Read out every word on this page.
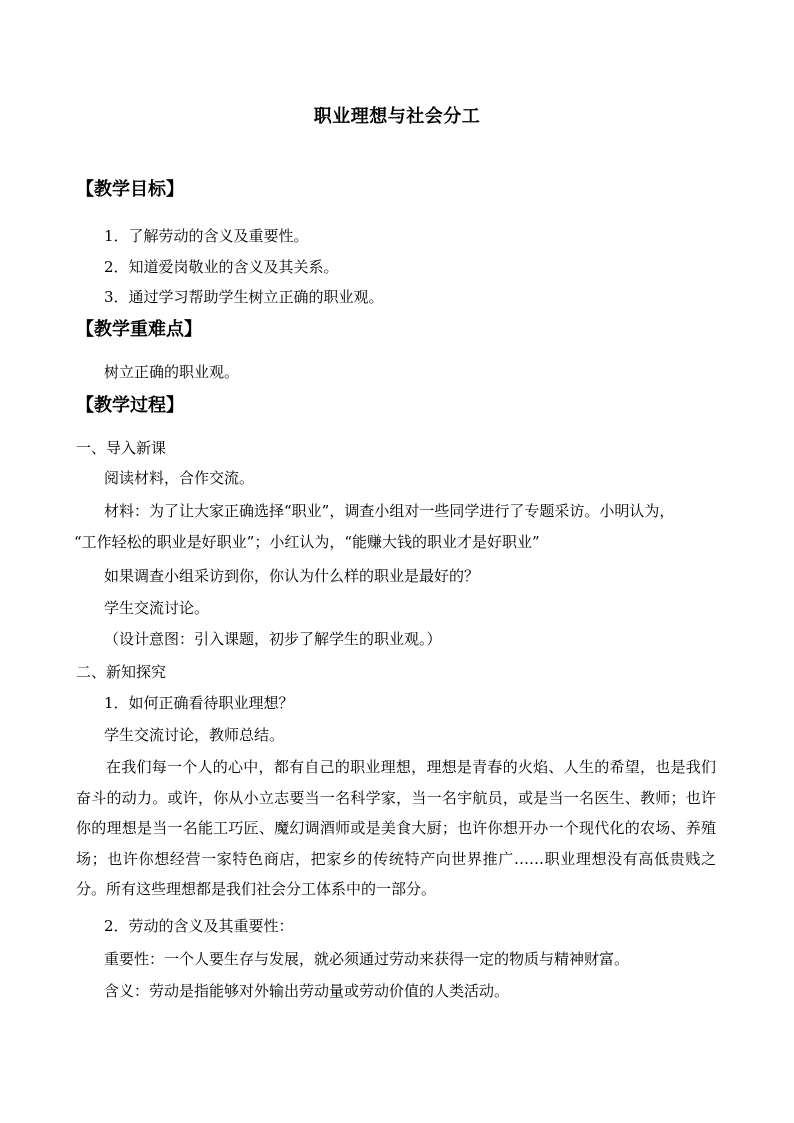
职业理想与社会分工
【教学目标】
1．了解劳动的含义及重要性。
2．知道爱岗敬业的含义及其关系。
3．通过学习帮助学生树立正确的职业观。
【教学重难点】
树立正确的职业观。
【教学过程】
一、导入新课
阅读材料，合作交流。
材料：为了让大家正确选择“职业”，调查小组对一些同学进行了专题采访。小明认为，
“工作轻松的职业是好职业”；小红认为，“能赚大钱的职业才是好职业”
如果调查小组采访到你，你认为什么样的职业是最好的？
学生交流讨论。
（设计意图：引入课题，初步了解学生的职业观。）
二、新知探究
1．如何正确看待职业理想？
学生交流讨论，教师总结。
在我们每一个人的心中，都有自己的职业理想，理想是青春的火焰、人生的希望，也是我们奋斗的动力。或许，你从小立志要当一名科学家，当一名宇航员，或是当一名医生、教师；也许你的理想是当一名能工巧匠、魔幻调酒师或是美食大厨；也许你想开办一个现代化的农场、养殖场；也许你想经营一家特色商店，把家乡的传统特产向世界推广……职业理想没有高低贵贱之分。所有这些理想都是我们社会分工体系中的一部分。
2．劳动的含义及其重要性：
重要性：一个人要生存与发展，就必须通过劳动来获得一定的物质与精神财富。
含义：劳动是指能够对外输出劳动量或劳动价值的人类活动。
